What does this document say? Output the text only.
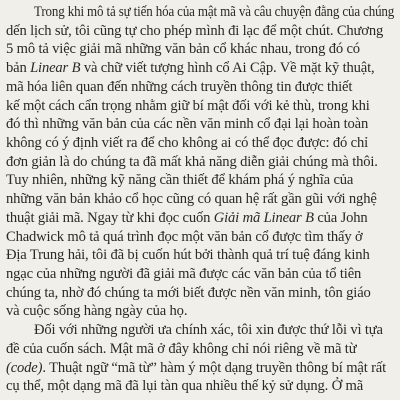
Trong khi mô tả sự tiến hóa của mật mã và câu chuyện đằng của chúng
dến lịch sử, tôi cũng tự cho phép mình đi lạc để một chút. Chương
5 mô tả việc giải mã những văn bản cổ khác nhau, trong đó có
bản Linear B và chữ viết tượng hình cổ Ai Cập. Về mặt kỹ thuật,
mã hóa liên quan đến những cách truyền thông tin được thiết
kế một cách cẩn trọng nhằm giữ bí mật đối với kẻ thù, trong khi
đó thì những văn bản của các nền văn minh cổ đại lại hoàn toàn
không có ý định viết ra để cho không ai có thể đọc được: đó chỉ
đơn giản là do chúng ta đã mất khả năng diễn giải chúng mà thôi.
Tuy nhiên, những kỹ năng cần thiết để khám phá ý nghĩa của
những văn bản khảo cổ học cũng có quan hệ rất gần gũi với nghệ
thuật giải mã. Ngay từ khi đọc cuốn Giải mã Linear B của John
Chadwick mô tả quá trình đọc một văn bản cổ được tìm thấy ở
Địa Trung hải, tôi đã bị cuốn hút bởi thành quả trí tuệ đáng kinh
ngạc của những người đã giải mã được các văn bản của tổ tiên
chúng ta, nhờ đó chúng ta mới biết được nền văn minh, tôn giáo
và cuộc sống hàng ngày của họ.
Đối với những người ưa chính xác, tôi xin được thứ lỗi vì tựa
đề của cuốn sách. Mật mã ở đây không chỉ nói riêng về mã từ
(code). Thuật ngữ “mã từ” hàm ý một dạng truyền thông bí mật rất
cụ thể, một dạng mã đã lụi tàn qua nhiều thế kỷ sử dụng. Ở mã
